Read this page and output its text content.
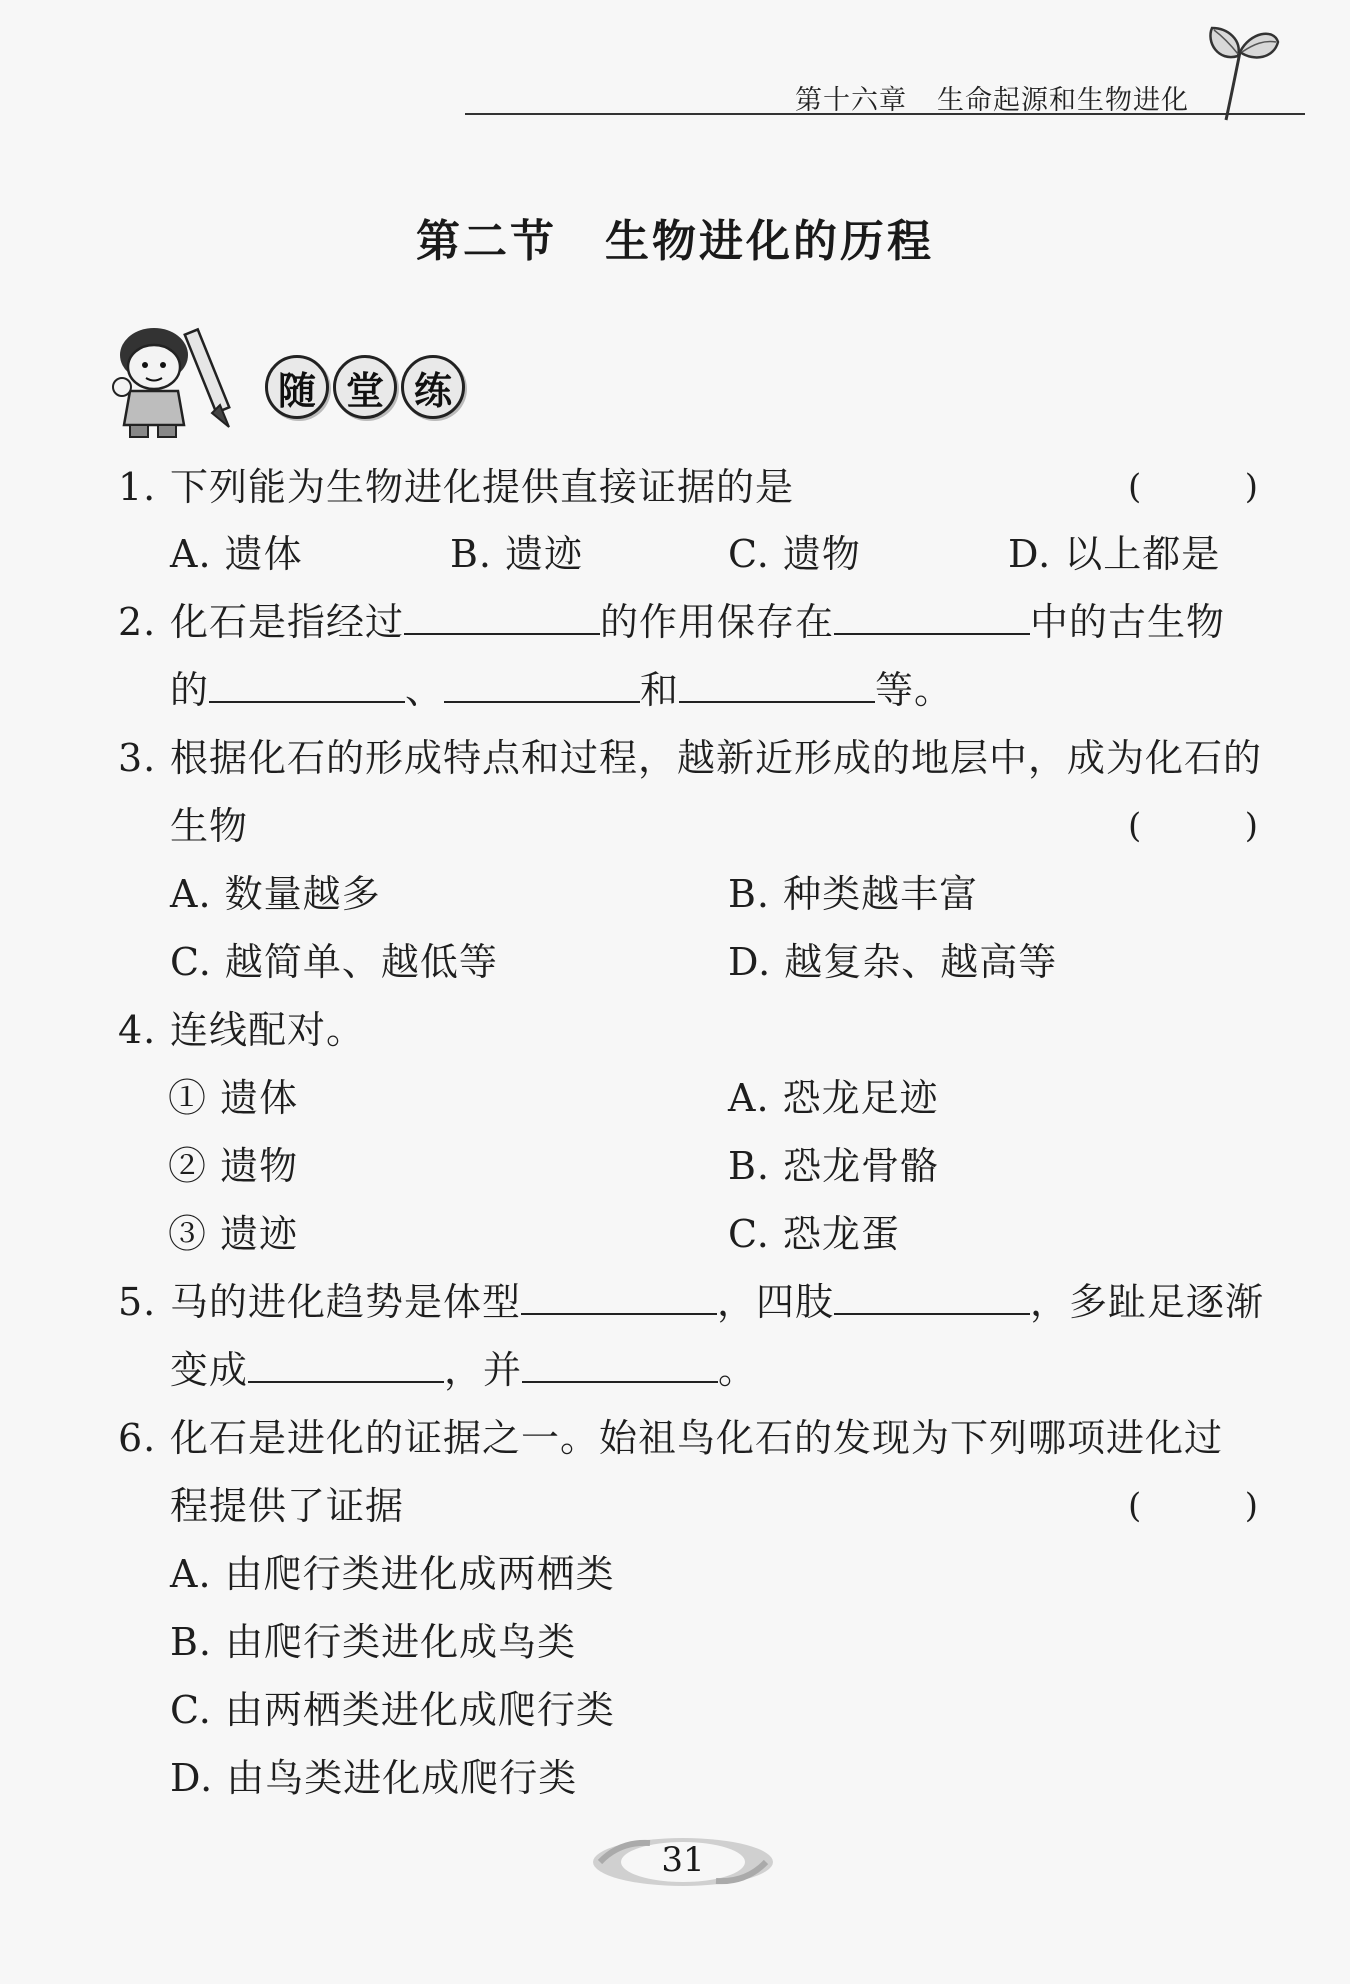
第十六章 生命起源和生物进化
第二节 生物进化的历程
随 堂 练
1. 下列能为生物进化提供直接证据的是	(	)
A. 遗体	B. 遗迹	C. 遗物	D. 以上都是
2. 化石是指经过	的作用保存在	中的古生物
的	、	和	等。
3. 根据化石的形成特点和过程，越新近形成的地层中，成为化石的
生物	(	)
A. 数量越多	B. 种类越丰富
C. 越简单、越低等	D. 越复杂、越高等
4. 连线配对。
① 遗体	A. 恐龙足迹
② 遗物	B. 恐龙骨骼
③ 遗迹	C. 恐龙蛋
5. 马的进化趋势是体型	，四肢	，多趾足逐渐
变成	，并	。
6. 化石是进化的证据之一。始祖鸟化石的发现为下列哪项进化过
程提供了证据	(	)
A. 由爬行类进化成两栖类
B. 由爬行类进化成鸟类
C. 由两栖类进化成爬行类
D. 由鸟类进化成爬行类
31
